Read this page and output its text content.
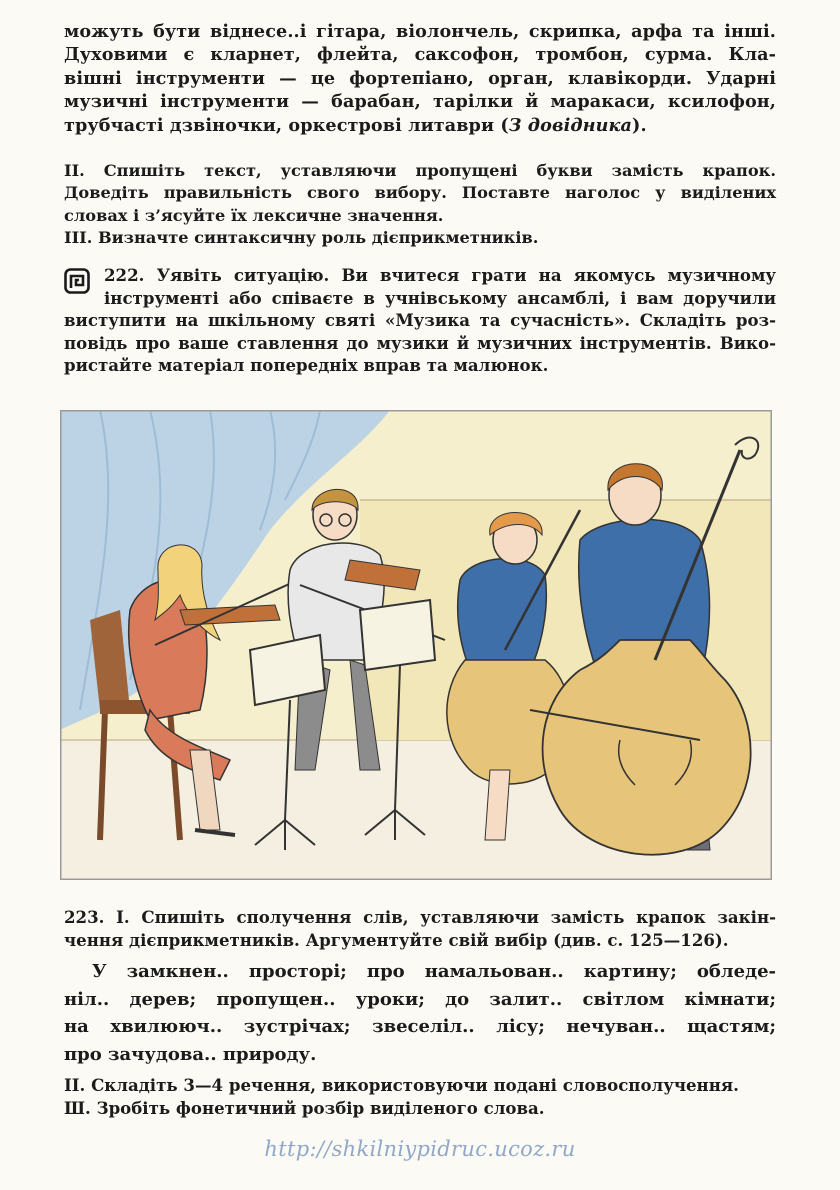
можуть бути віднесе..і гітара, віолончель, скрипка, арфа та інші.
Духовими є кларнет, флейта, саксофон, тромбон, сурма. Кла-
вішні інструменти — це фортепіано, орган, клавікорди. Ударні
музичні інструменти — барабан, тарілки й маракаси, ксилофон,
трубчасті дзвіночки, оркестрові литаври (З довідника).

II. Спишіть текст, уставляючи пропущені букви замість крапок.
Доведіть правильність свого вибору. Поставте наголос у виділених
словах і з’ясуйте їх лексичне значення.

III. Визначте синтаксичну роль дієприкметників.

222. Уявіть ситуацію. Ви вчитеся грати на якомусь музичному
інструменті або співаєте в учнівському ансамблі, і вам доручили
виступити на шкільному святі «Музика та сучасність». Складіть роз-
повідь про ваше ставлення до музики й музичних інструментів. Вико-
ристайте матеріал попередніх вправ та малюнок.

223. I. Спишіть сполучення слів, уставляючи замість крапок закін-
чення дієприкметників. Аргументуйте свій вибір (див. с. 125—126).

У замкнен.. просторі; про намальован.. картину; обледе-
ніл.. дерев; пропущен.. уроки; до залит.. світлом кімнати;
на хвилююч.. зустрічах; звеселіл.. лісу; нечуван.. щастям;
про зачудова.. природу.

II. Складіть 3—4 речення, використовуючи подані словосполучення.

Ш. Зробіть фонетичний розбір виділеного слова.

http://shkilniypidruc.ucoz.ru
